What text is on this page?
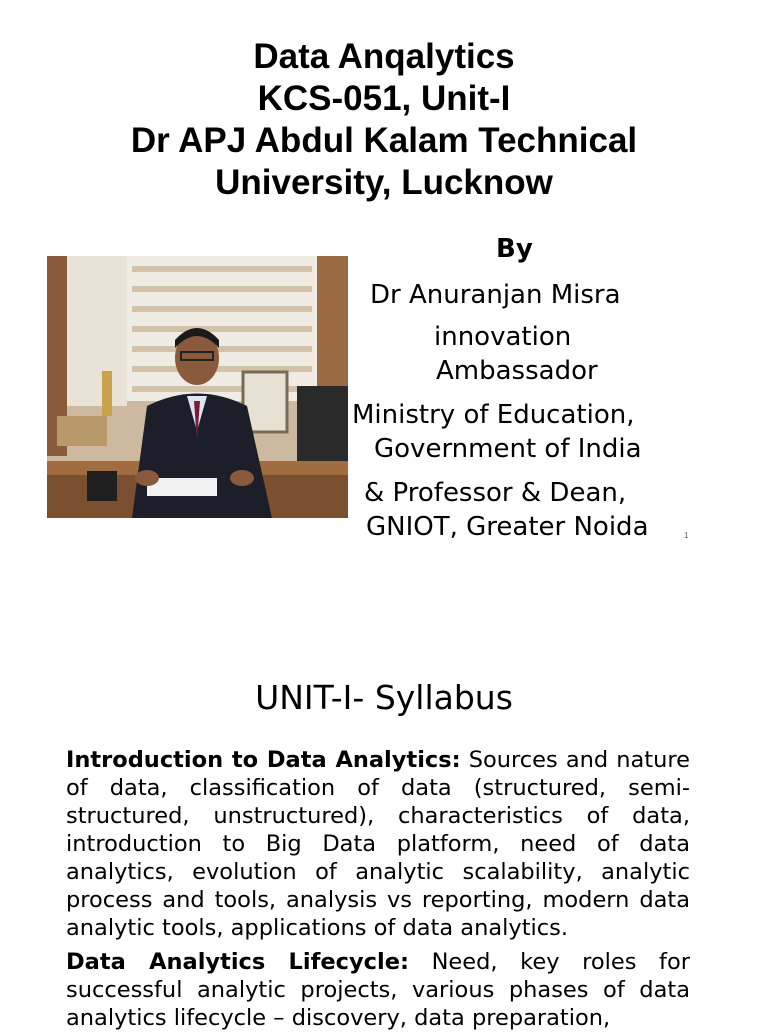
Data Anqalytics
KCS-051, Unit-I
Dr APJ Abdul Kalam Technical
University, Lucknow
By
Dr Anuranjan Misra
innovation
Ambassador
Ministry of Education,
Government of India
& Professor & Dean,
GNIOT, Greater Noida	1
UNIT-I- Syllabus
Introduction to Data Analytics: Sources and nature of data, classification of data (structured, semi-structured, unstructured), characteristics of data, introduction to Big Data platform, need of data analytics, evolution of analytic scalability, analytic process and tools, analysis vs reporting, modern data analytic tools, applications of data analytics.
Data Analytics Lifecycle: Need, key roles for successful analytic projects, various phases of data analytics lifecycle – discovery, data preparation,
